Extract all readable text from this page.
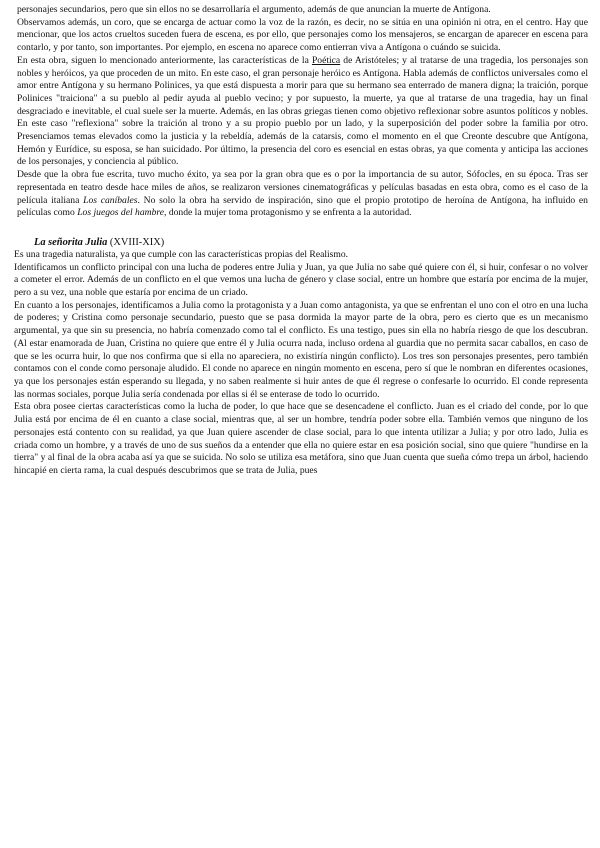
personajes secundarios, pero que sin ellos no se desarrollaría el argumento, además de que anuncian la muerte de Antígona.

Observamos además, un coro, que se encarga de actuar como la voz de la razón, es decir, no se sitúa en una opinión ni otra, en el centro. Hay que mencionar, que los actos crueltos suceden fuera de escena, es por ello, que personajes como los mensajeros, se encargan de aparecer en escena para contarlo, y por tanto, son importantes. Por ejemplo, en escena no aparece como entierran viva a Antígona o cuándo se suicida.

En esta obra, siguen lo mencionado anteriormente, las características de la Poética de Aristóteles; y al tratarse de una tragedia, los personajes son nobles y heróicos, ya que proceden de un mito. En este caso, el gran personaje heróico es Antígona. Habla además de conflictos universales como el amor entre Antígona y su hermano Polinices, ya que está dispuesta a morir para que su hermano sea enterrado de manera digna; la traición, porque Polinices "traiciona" a su pueblo al pedir ayuda al pueblo vecino; y por supuesto, la muerte, ya que al tratarse de una tragedia, hay un final desgraciado e inevitable, el cual suele ser la muerte. Además, en las obras griegas tienen como objetivo reflexionar sobre asuntos políticos y nobles. En este caso "reflexiona" sobre la traición al trono y a su propio pueblo por un lado, y la superposición del poder sobre la familia por otro. Presenciamos temas elevados como la justicia y la rebeldía, además de la catarsis, como el momento en el que Creonte descubre que Antígona, Hemón y Eurídice, su esposa, se han suicidado. Por último, la presencia del coro es esencial en estas obras, ya que comenta y anticipa las acciones de los personajes, y conciencia al público.

Desde que la obra fue escrita, tuvo mucho éxito, ya sea por la gran obra que es o por la importancia de su autor, Sófocles, en su época. Tras ser representada en teatro desde hace miles de años, se realizaron versiones cinematográficas y películas basadas en esta obra, como es el caso de la película italiana Los caníbales. No solo la obra ha servido de inspiración, sino que el propio prototipo de heroína de Antígona, ha influido en películas como Los juegos del hambre, donde la mujer toma protagonismo y se enfrenta a la autoridad.

La señorita Julia (XVIII-XIX)

Es una tragedia naturalista, ya que cumple con las características propias del Realismo.

Identificamos un conflicto principal con una lucha de poderes entre Julia y Juan, ya que Julia no sabe qué quiere con él, si huir, confesar o no volver a cometer el error. Además de un conflicto en el que vemos una lucha de género y clase social, entre un hombre que estaría por encima de la mujer, pero a su vez, una noble que estaría por encima de un criado.

En cuanto a los personajes, identificamos a Julia como la protagonista y a Juan como antagonista, ya que se enfrentan el uno con el otro en una lucha de poderes; y Cristina como personaje secundario, puesto que se pasa dormida la mayor parte de la obra, pero es cierto que es un mecanismo argumental, ya que sin su presencia, no habría comenzado como tal el conflicto. Es una testigo, pues sin ella no habría riesgo de que los descubran. (Al estar enamorada de Juan, Cristina no quiere que entre él y Julia ocurra nada, incluso ordena al guardia que no permita sacar caballos, en caso de que se les ocurra huir, lo que nos confirma que si ella no apareciera, no existiría ningún conflicto). Los tres son personajes presentes, pero también contamos con el conde como personaje aludido. El conde no aparece en ningún momento en escena, pero sí que le nombran en diferentes ocasiones, ya que los personajes están esperando su llegada, y no saben realmente si huir antes de que él regrese o confesarle lo ocurrido. El conde representa las normas sociales, porque Julia sería condenada por ellas si él se enterase de todo lo ocurrido.

Esta obra posee ciertas características como la lucha de poder, lo que hace que se desencadene el conflicto. Juan es el criado del conde, por lo que Julia está por encima de él en cuanto a clase social, mientras que, al ser un hombre, tendría poder sobre ella. También vemos que ninguno de los personajes está contento con su realidad, ya que Juan quiere ascender de clase social, para lo que intenta utilizar a Julia; y por otro lado, Julia es criada como un hombre, y a través de uno de sus sueños da a entender que ella no quiere estar en esa posición social, sino que quiere "hundirse en la tierra" y al final de la obra acaba así ya que se suicida. No solo se utiliza esa metáfora, sino que Juan cuenta que sueña cómo trepa un árbol, haciendo hincapié en cierta rama, la cual después descubrimos que se trata de Julia, pues
